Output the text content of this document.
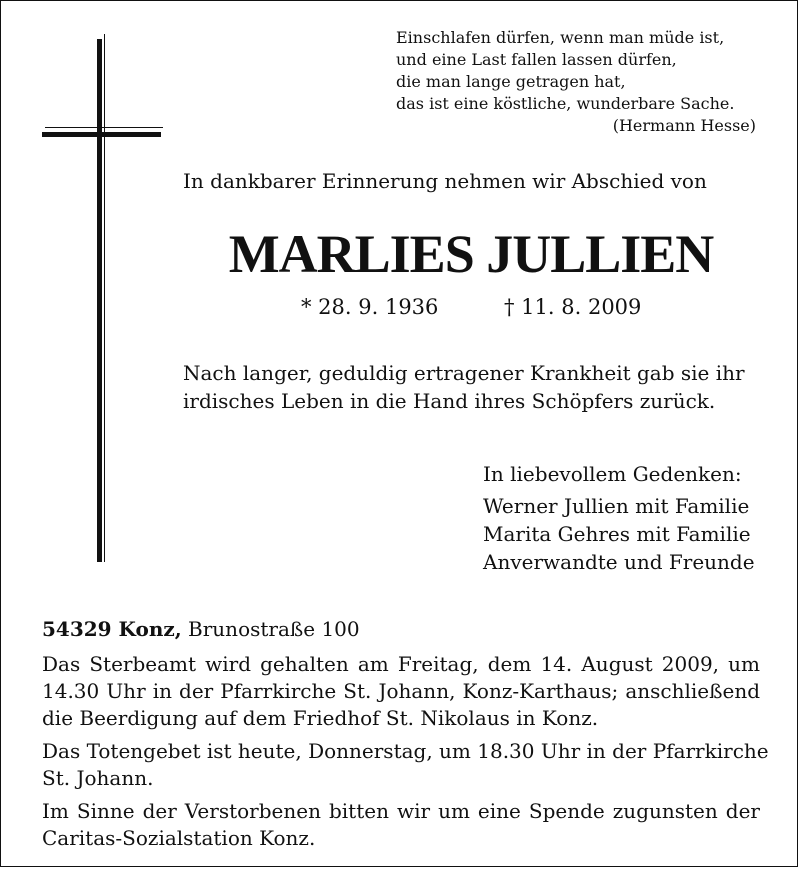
Einschlafen dürfen, wenn man müde ist,
und eine Last fallen lassen dürfen,
die man lange getragen hat,
das ist eine köstliche, wunderbare Sache.
(Hermann Hesse)
In dankbarer Erinnerung nehmen wir Abschied von
MARLIES JULLIEN
* 28. 9. 1936	† 11. 8. 2009
Nach langer, geduldig ertragener Krankheit gab sie ihr
irdisches Leben in die Hand ihres Schöpfers zurück.
In liebevollem Gedenken:
Werner Jullien mit Familie
Marita Gehres mit Familie
Anverwandte und Freunde
54329 Konz, Brunostraße 100
Das Sterbeamt wird gehalten am Freitag, dem 14. August 2009, um
14.30 Uhr in der Pfarrkirche St. Johann, Konz-Karthaus; anschließend
die Beerdigung auf dem Friedhof St. Nikolaus in Konz.
Das Totengebet ist heute, Donnerstag, um 18.30 Uhr in der Pfarrkirche
St. Johann.
Im Sinne der Verstorbenen bitten wir um eine Spende zugunsten der
Caritas-Sozialstation Konz.
